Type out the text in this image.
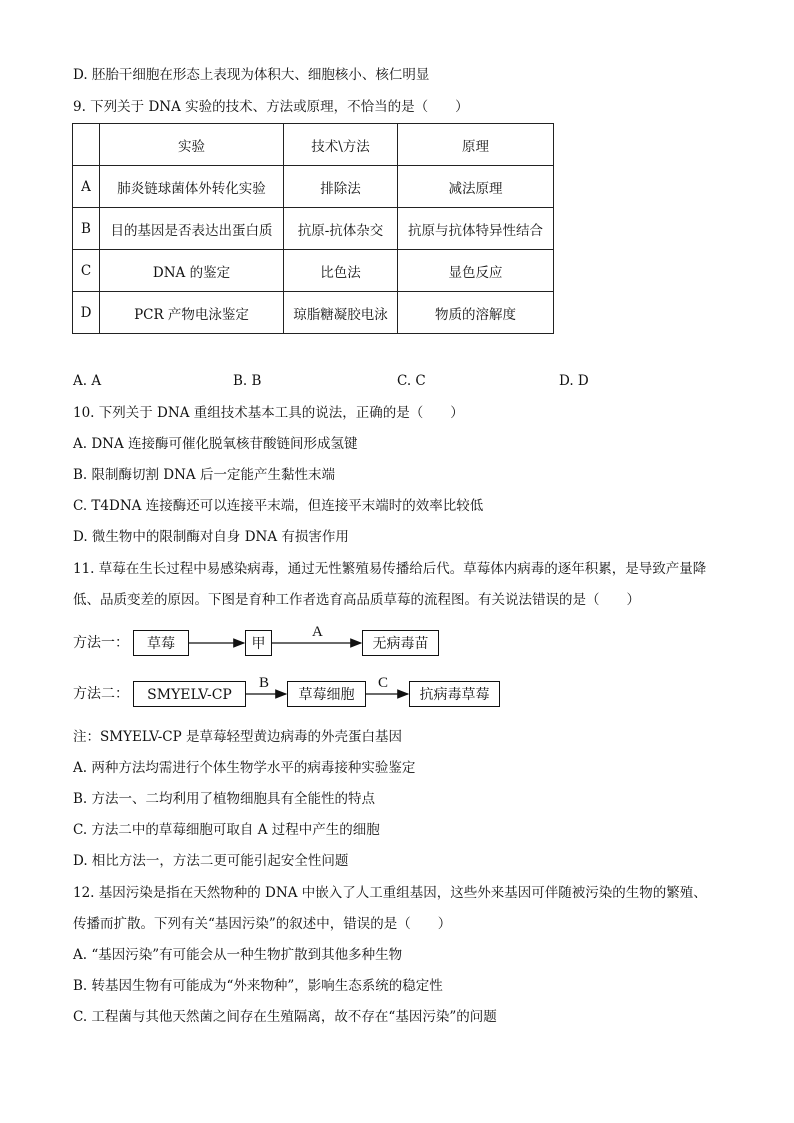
D. 胚胎干细胞在形态上表现为体积大、细胞核小、核仁明显
9. 下列关于 DNA 实验的技术、方法或原理，不恰当的是（　　）
	实验	技术\方法	原理
A	肺炎链球菌体外转化实验	排除法	减法原理
B	目的基因是否表达出蛋白质	抗原-抗体杂交	抗原与抗体特异性结合
C	DNA 的鉴定	比色法	显色反应
D	PCR 产物电泳鉴定	琼脂糖凝胶电泳	物质的溶解度
A. A	B. B	C. C	D. D
10. 下列关于 DNA 重组技术基本工具的说法，正确的是（　　）
A. DNA 连接酶可催化脱氧核苷酸链间形成氢键
B. 限制酶切割 DNA 后一定能产生黏性末端
C. T4DNA 连接酶还可以连接平末端，但连接平末端时的效率比较低
D. 微生物中的限制酶对自身 DNA 有损害作用
11. 草莓在生长过程中易感染病毒，通过无性繁殖易传播给后代。草莓体内病毒的逐年积累，是导致产量降
低、品质变差的原因。下图是育种工作者选育高品质草莓的流程图。有关说法错误的是（　　）
方法一：	草莓	甲
A
无病毒苗
方法二：	SMYELV-CP
B
草莓细胞
C
抗病毒草莓
注：SMYELV-CP 是草莓轻型黄边病毒的外壳蛋白基因
A. 两种方法均需进行个体生物学水平的病毒接种实验鉴定
B. 方法一、二均利用了植物细胞具有全能性的特点
C. 方法二中的草莓细胞可取自 A 过程中产生的细胞
D. 相比方法一，方法二更可能引起安全性问题
12. 基因污染是指在天然物种的 DNA 中嵌入了人工重组基因，这些外来基因可伴随被污染的生物的繁殖、
传播而扩散。下列有关“基因污染”的叙述中，错误的是（　　）
A. “基因污染”有可能会从一种生物扩散到其他多种生物
B. 转基因生物有可能成为“外来物种”，影响生态系统的稳定性
C. 工程菌与其他天然菌之间存在生殖隔离，故不存在“基因污染”的问题
